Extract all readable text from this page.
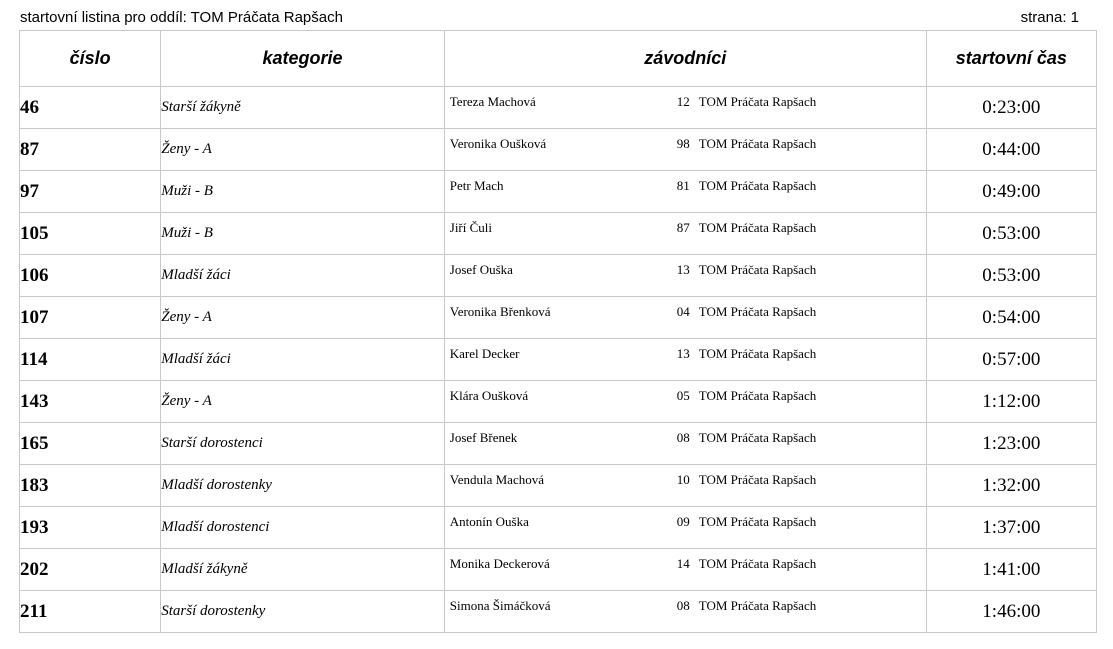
startovní listina pro oddíl: TOM Práčata Rapšach	strana: 1
číslo	kategorie	závodníci	startovní čas
46	Starší žákyně	Tereza Machová 12 TOM Práčata Rapšach	0:23:00
87	Ženy - A	Veronika Oušková 98 TOM Práčata Rapšach	0:44:00
97	Muži - B	Petr Mach 81 TOM Práčata Rapšach	0:49:00
105	Muži - B	Jiří Čuli 87 TOM Práčata Rapšach	0:53:00
106	Mladší žáci	Josef Ouška 13 TOM Práčata Rapšach	0:53:00
107	Ženy - A	Veronika Břenková 04 TOM Práčata Rapšach	0:54:00
114	Mladší žáci	Karel Decker 13 TOM Práčata Rapšach	0:57:00
143	Ženy - A	Klára Oušková 05 TOM Práčata Rapšach	1:12:00
165	Starší dorostenci	Josef Břenek 08 TOM Práčata Rapšach	1:23:00
183	Mladší dorostenky	Vendula Machová 10 TOM Práčata Rapšach	1:32:00
193	Mladší dorostenci	Antonín Ouška 09 TOM Práčata Rapšach	1:37:00
202	Mladší žákyně	Monika Deckerová 14 TOM Práčata Rapšach	1:41:00
211	Starší dorostenky	Simona Šimáčková 08 TOM Práčata Rapšach	1:46:00
